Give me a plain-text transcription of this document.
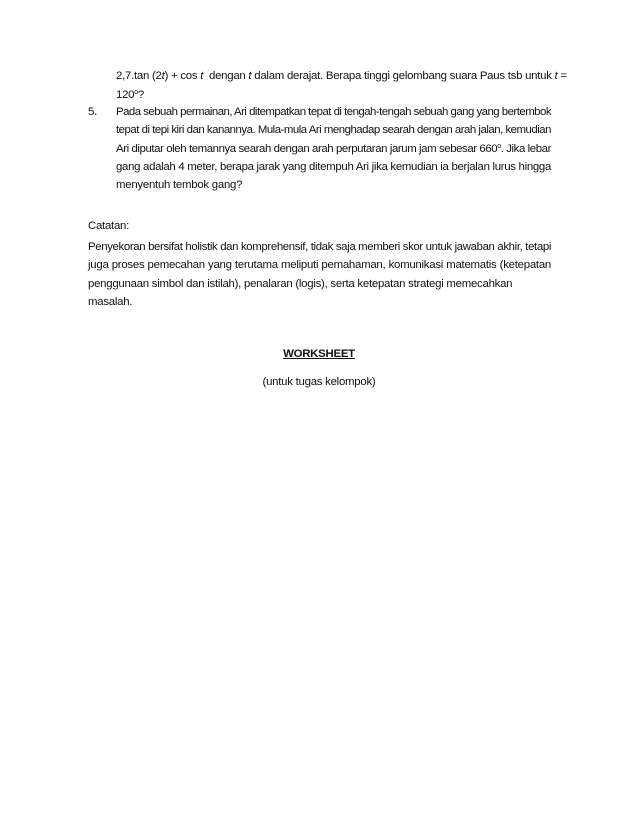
2,7.tan (2t) + cos t  dengan t dalam derajat. Berapa tinggi gelombang suara Paus tsb untuk t =
$120^o$?
5. Pada sebuah permainan, Ari ditempatkan tepat di tengah-tengah sebuah gang yang bertembok
tepat di tepi kiri dan kanannya. Mula-mula Ari menghadap searah dengan arah jalan, kemudian
Ari diputar oleh temannya searah dengan arah perputaran jarum jam sebesar 660$^o$. Jika lebar
gang adalah 4 meter, berapa jarak yang ditempuh Ari jika kemudian ia berjalan lurus hingga
menyentuh tembok gang?
Catatan:
Penyekoran bersifat holistik dan komprehensif, tidak saja memberi skor untuk jawaban akhir, tetapi
juga proses pemecahan yang terutama meliputi pemahaman, komunikasi matematis (ketepatan
penggunaan simbol dan istilah), penalaran (logis), serta ketepatan strategi memecahkan masalah.
WORKSHEET
(untuk tugas kelompok)
